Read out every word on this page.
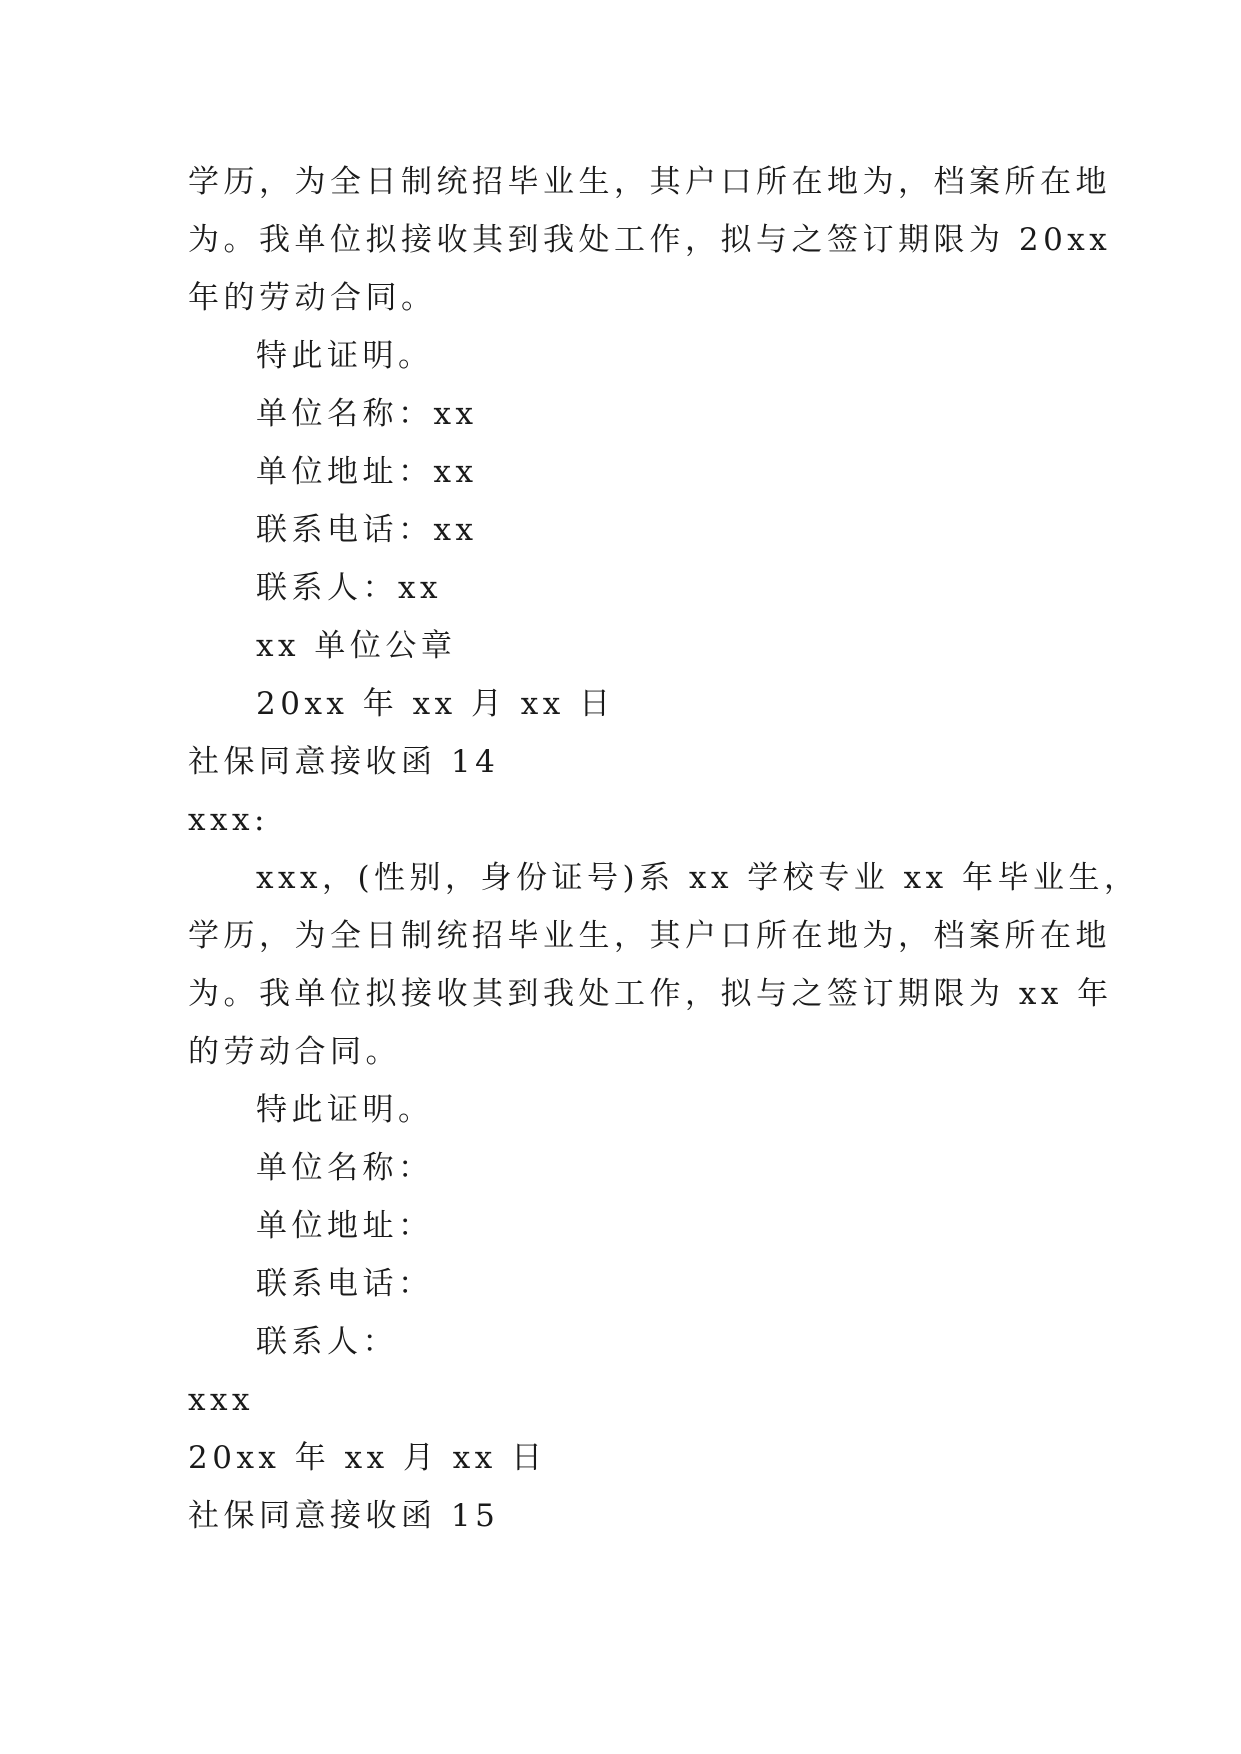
学历，为全日制统招毕业生，其户口所在地为，档案所在地
为。我单位拟接收其到我处工作，拟与之签订期限为 20xx
年的劳动合同。
特此证明。
单位名称：xx
单位地址：xx
联系电话：xx
联系人：xx
xx 单位公章
20xx 年 xx 月 xx 日
社保同意接收函 14
xxx:
xxx，(性别，身份证号)系 xx 学校专业 xx 年毕业生，
学历，为全日制统招毕业生，其户口所在地为，档案所在地
为。我单位拟接收其到我处工作，拟与之签订期限为 xx 年
的劳动合同。
特此证明。
单位名称：
单位地址：
联系电话：
联系人：
xxx
20xx 年 xx 月 xx 日
社保同意接收函 15
